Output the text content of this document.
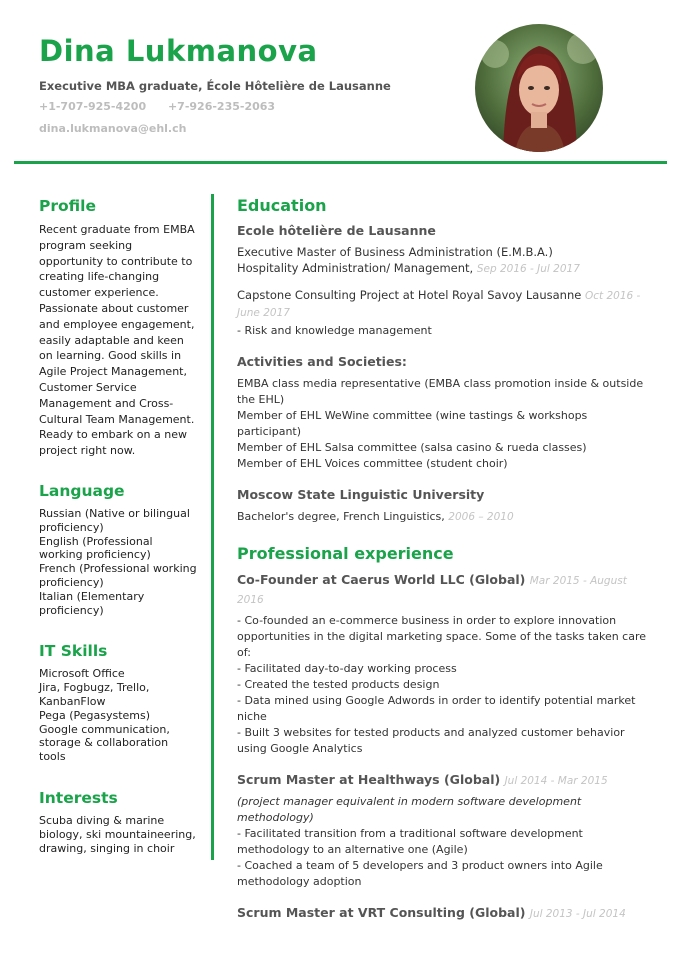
Dina Lukmanova
Executive MBA graduate, École Hôtelière de Lausanne
+1-707-925-4200 +7-926-235-2063
dina.lukmanova@ehl.ch
Profile

Recent graduate from EMBA program seeking opportunity to contribute to creating life-changing customer experience. Passionate about customer and employee engagement, easily adaptable and keen on learning. Good skills in Agile Project Management, Customer Service Management and Cross-Cultural Team Management. Ready to embark on a new project right now.

Language
Russian (Native or bilingual proficiency)
English (Professional working proficiency)
French (Professional working proficiency)
Italian (Elementary proficiency)
IT Skills
Microsoft Office
Jira, Fogbugz, Trello, KanbanFlow
Pega (Pegasystems)
Google communication, storage & collaboration tools
Interests
Scuba diving & marine biology, ski mountaineering, drawing, singing in choir
Education
Ecole hôtelière de Lausanne
Executive Master of Business Administration (E.M.B.A.)
Hospitality Administration/ Management, Sep 2016 - Jul 2017
Capstone Consulting Project at Hotel Royal Savoy Lausanne Oct 2016 - June 2017
- Risk and knowledge management
Activities and Societies:
EMBA class media representative (EMBA class promotion inside & outside the EHL)
Member of EHL WeWine committee (wine tastings & workshops participant)
Member of EHL Salsa committee (salsa casino & rueda classes)
Member of EHL Voices committee (student choir)
Moscow State Linguistic University
Bachelor's degree, French Linguistics, 2006 – 2010
Professional experience
Co-Founder at Caerus World LLC (Global) Mar 2015 - August 2016
- Co-founded an e-commerce business in order to explore innovation opportunities in the digital marketing space. Some of the tasks taken care of:
- Facilitated day-to-day working process
- Created the tested products design
- Data mined using Google Adwords in order to identify potential market niche
- Built 3 websites for tested products and analyzed customer behavior using Google Analytics
Scrum Master at Healthways (Global) Jul 2014 - Mar 2015
(project manager equivalent in modern software development methodology)
- Facilitated transition from a traditional software development methodology to an alternative one (Agile)
- Coached a team of 5 developers and 3 product owners into Agile methodology adoption
Scrum Master at VRT Consulting (Global) Jul 2013 - Jul 2014
